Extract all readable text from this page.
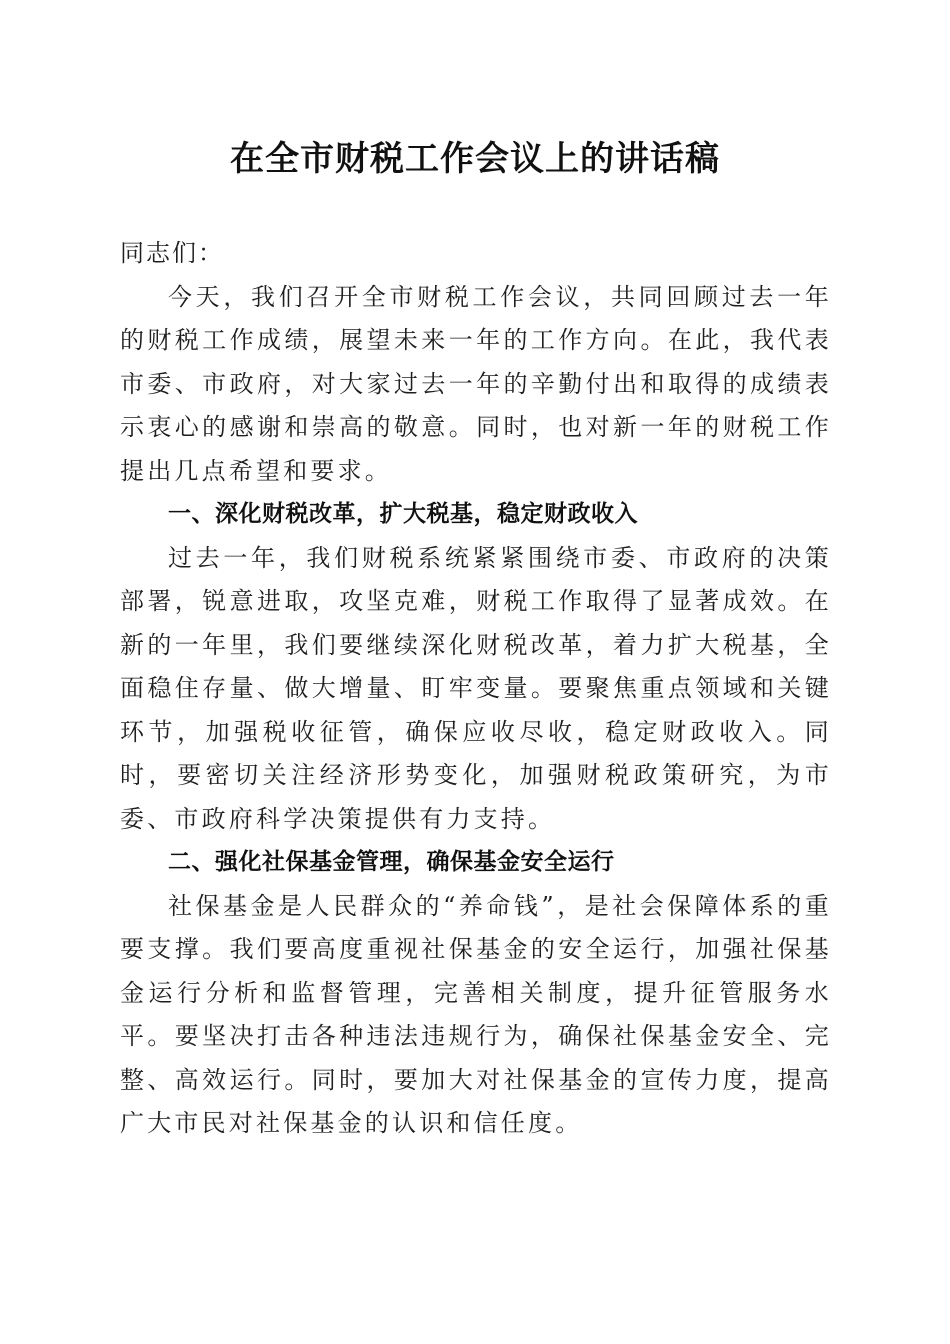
在全市财税工作会议上的讲话稿

同志们：

今天，我们召开全市财税工作会议，共同回顾过去一年的财税工作成绩，展望未来一年的工作方向。在此，我代表市委、市政府，对大家过去一年的辛勤付出和取得的成绩表示衷心的感谢和崇高的敬意。同时，也对新一年的财税工作提出几点希望和要求。

一、深化财税改革，扩大税基，稳定财政收入

过去一年，我们财税系统紧紧围绕市委、市政府的决策部署，锐意进取，攻坚克难，财税工作取得了显著成效。在新的一年里，我们要继续深化财税改革，着力扩大税基，全面稳住存量、做大增量、盯牢变量。要聚焦重点领域和关键环节，加强税收征管，确保应收尽收，稳定财政收入。同时，要密切关注经济形势变化，加强财税政策研究，为市委、市政府科学决策提供有力支持。

二、强化社保基金管理，确保基金安全运行

社保基金是人民群众的“养命钱”，是社会保障体系的重要支撑。我们要高度重视社保基金的安全运行，加强社保基金运行分析和监督管理，完善相关制度，提升征管服务水平。要坚决打击各种违法违规行为，确保社保基金安全、完整、高效运行。同时，要加大对社保基金的宣传力度，提高广大市民对社保基金的认识和信任度。
